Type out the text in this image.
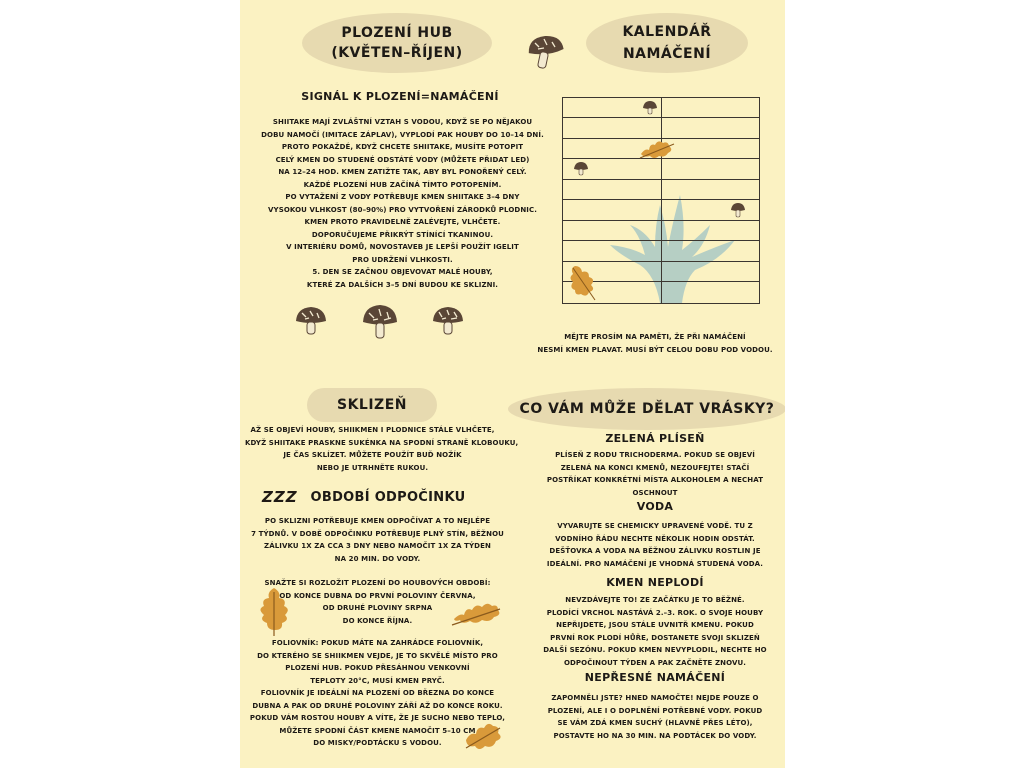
PLOZENÍ HUB
(KVĚTEN–ŘÍJEN)
SIGNÁL K PLOZENÍ=NAMÁČENÍ
SHIITAKE MAJÍ ZVLÁŠTNÍ VZTAH S VODOU, KDYŽ SE PO NĚJAKOU
DOBU NAMOČÍ (IMITACE ZÁPLAV), VYPLODÍ PAK HOUBY DO 10–14 DNÍ.
PROTO POKAŽDÉ, KDYŽ CHCETE SHIITAKE, MUSÍTE POTOPIT
CELÝ KMEN DO STUDENÉ ODSTÁTÉ VODY (MŮŽETE PŘIDAT LED)
NA 12–24 HOD. KMEN ZATIŽTE TAK, ABY BYL PONOŘENÝ CELÝ.
KAŽDÉ PLOZENÍ HUB ZAČÍNÁ TÍMTO POTOPENÍM.
PO VYTAŽENÍ Z VODY POTŘEBUJE KMEN SHIITAKE 3–4 DNY
VYSOKOU VLHKOST (80–90%) PRO VYTVOŘENÍ ZÁRODKŮ PLODNIC.
KMEN PROTO PRAVIDELNĚ ZALÉVEJTE, VLHČETE.
DOPORUČUJEME PŘIKRÝT STÍNÍCÍ TKANINOU.
V INTERIÉRU DOMŮ, NOVOSTAVEB JE LEPŠÍ POUŽÍT IGELIT
PRO UDRŽENÍ VLHKOSTI.
5. DEN SE ZAČNOU OBJEVOVAT MALÉ HOUBY,
KTERÉ ZA DALŠÍCH 3–5 DNÍ BUDOU KE SKLIZNI.
SKLIZEŇ
AŽ SE OBJEVÍ HOUBY, SHIIKMEN I PLODNICE STÁLE VLHČETE,
KDYŽ SHIITAKE PRASKNE SUKÉNKA NA SPODNÍ STRANĚ KLOBOUKU,
JE ČAS SKLÍZET. MŮŽETE POUŽÍT BUĎ NOŽÍK
NEBO JE UTRHNĚTE RUKOU.
ZZZ OBDOBÍ ODPOČINKU
PO SKLIZNI POTŘEBUJE KMEN ODPOČÍVAT A TO NEJLÉPE
7 TÝDNŮ. V DOBĚ ODPOČINKU POTŘEBUJE PLNÝ STÍN, BĚŽNOU
ZÁLIVKU 1X ZA CCA 3 DNY NEBO NAMOČIT 1X ZA TÝDEN
NA 20 MIN. DO VODY.
SNAŽTE SI ROZLOŽIT PLOZENÍ DO HOUBOVÝCH OBDOBÍ:
OD KONCE DUBNA DO PRVNÍ POLOVINY ČERVNA,
OD DRUHÉ PLOVINY SRPNA
DO KONCE ŘÍJNA.
FOLIOVNÍK: POKUD MÁTE NA ZAHRÁDCE FOLIOVNÍK,
DO KTERÉHO SE SHIIKMEN VEJDE, JE TO SKVĚLÉ MÍSTO PRO
PLOZENÍ HUB. POKUD PŘESÁHNOU VENKOVNÍ
TEPLOTY 20°C, MUSÍ KMEN PRYČ.
FOLIOVNÍK JE IDEÁLNÍ NA PLOZENÍ OD BŘEZNA DO KONCE
DUBNA A PAK OD DRUHÉ POLOVINY ZÁŘÍ AŽ DO KONCE ROKU.
POKUD VÁM ROSTOU HOUBY A VÍTE, ŽE JE SUCHO NEBO TEPLO,
MŮŽETE SPODNÍ ČÁST KMENE NAMOČIT 5–10 CM
DO MISKY/PODTÁCKU S VODOU.
KALENDÁŘ
NAMÁČENÍ
MĚJTE PROSÍM NA PAMĚTI, ŽE PŘI NAMÁČENÍ
NESMÍ KMEN PLAVAT. MUSÍ BÝT CELOU DOBU POD VODOU.
CO VÁM MŮŽE DĚLAT VRÁSKY?
ZELENÁ PLÍSEŇ
PLÍSEŇ Z RODU TRICHODERMA. POKUD SE OBJEVÍ
ZELENÁ NA KONCI KMENŮ, NEZOUFEJTE! STAČÍ
POSTŘÍKAT KONKRÉTNÍ MÍSTA ALKOHOLEM A NECHAT
OSCHNOUT
VODA
VYVARUJTE SE CHEMICKY UPRAVENÉ VODĚ. TU Z
VODNÍHO ŘÁDU NECHTE NĚKOLIK HODIN ODSTÁT.
DEŠŤOVKA A VODA NA BĚŽNOU ZÁLIVKU ROSTLIN JE
IDEÁLNÍ. PRO NAMÁČENÍ JE VHODNÁ STUDENÁ VODA.
KMEN NEPLODÍ
NEVZDÁVEJTE TO! ZE ZAČÁTKU JE TO BĚŽNÉ.
PLODÍCÍ VRCHOL NASTÁVÁ 2.–3. ROK. O SVOJE HOUBY
NEPŘIJDETE, JSOU STÁLE UVNITŘ KMENU. POKUD
PRVNÍ ROK PLODÍ HŮŘE, DOSTANETE SVOJI SKLIZEŇ
DALŠÍ SEZÓNU. POKUD KMEN NEVYPLODIL, NECHTE HO
ODPOČINOUT TÝDEN A PAK ZAČNĚTE ZNOVU.
NEPŘESNÉ NAMÁČENÍ
ZAPOMNĚLI JSTE? HNED NAMOČTE! NEJDE POUZE O
PLOZENÍ, ALE I O DOPLNĚNÍ POTŘEBNÉ VODY. POKUD
SE VÁM ZDÁ KMEN SUCHÝ (HLAVNĚ PŘES LÉTO),
POSTAVTE HO NA 30 MIN. NA PODTÁCEK DO VODY.
